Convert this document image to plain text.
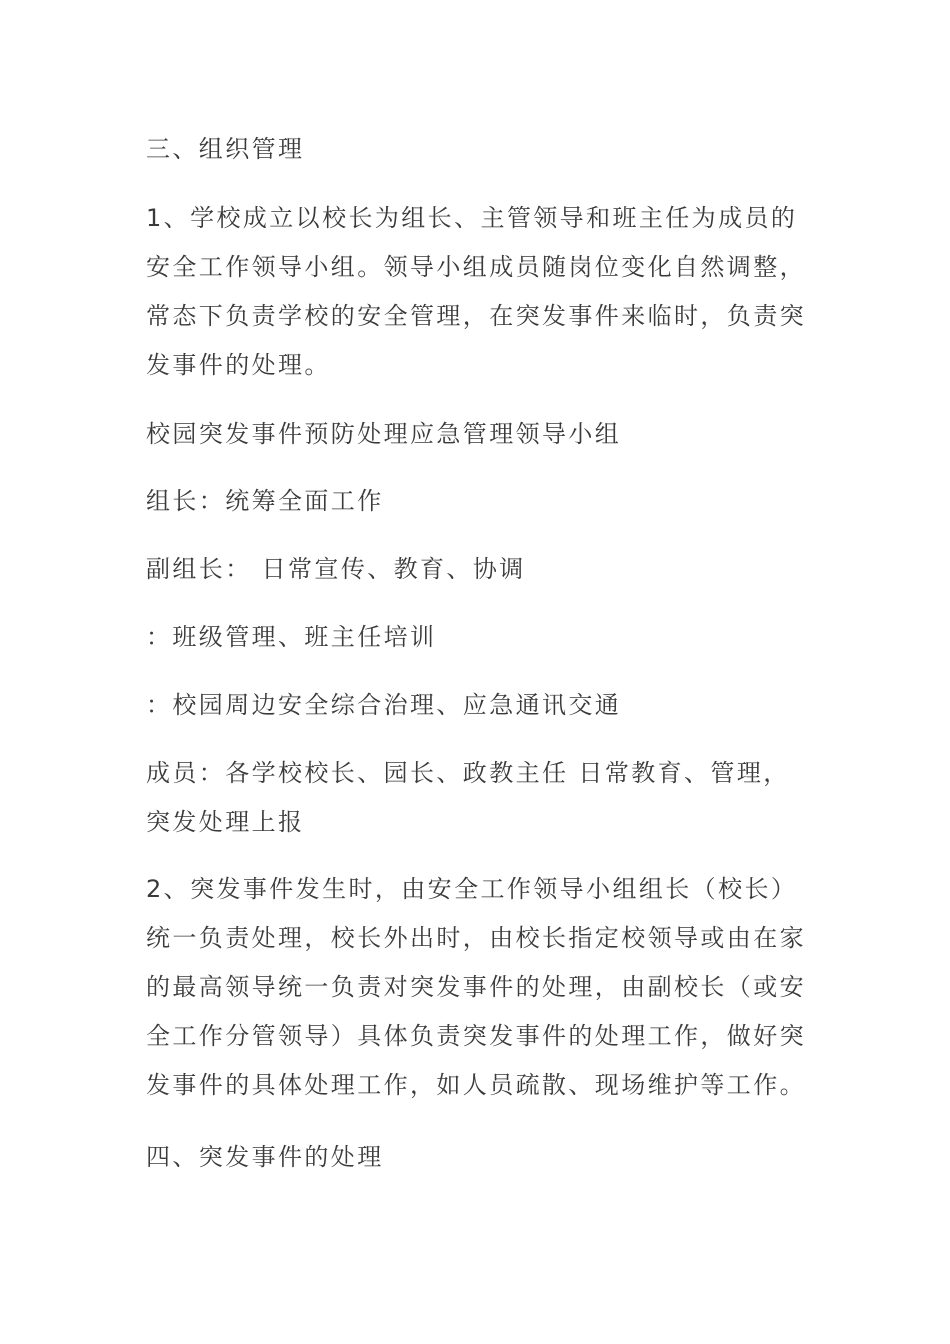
三、组织管理

1、学校成立以校长为组长、主管领导和班主任为成员的安全工作领导小组。领导小组成员随岗位变化自然调整，常态下负责学校的安全管理，在突发事件来临时，负责突发事件的处理。

校园突发事件预防处理应急管理领导小组

组长：统筹全面工作

副组长： 日常宣传、教育、协调

：班级管理、班主任培训

：校园周边安全综合治理、应急通讯交通

成员：各学校校长、园长、政教主任 日常教育、管理，突发处理上报

2、突发事件发生时，由安全工作领导小组组长（校长）统一负责处理，校长外出时，由校长指定校领导或由在家的最高领导统一负责对突发事件的处理，由副校长（或安全工作分管领导）具体负责突发事件的处理工作，做好突发事件的具体处理工作，如人员疏散、现场维护等工作。

四、突发事件的处理
